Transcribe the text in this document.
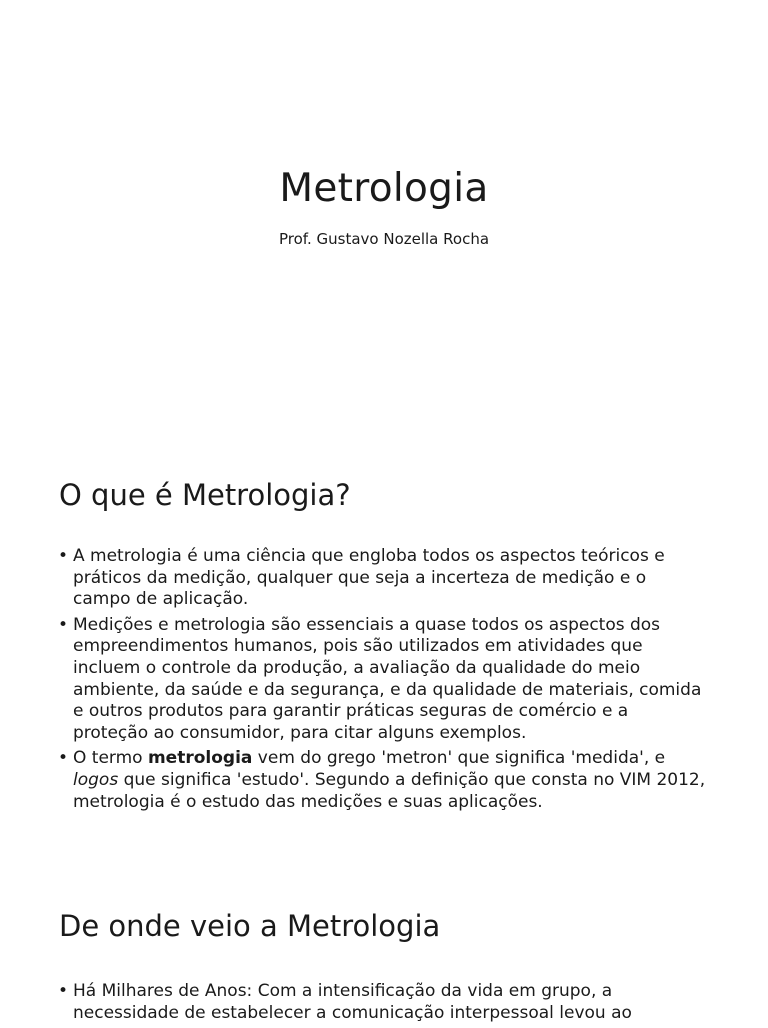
Metrologia

Prof. Gustavo Nozella Rocha

O que é Metrologia?
• A metrologia é uma ciência que engloba todos os aspectos teóricos e práticos da medição, qualquer que seja a incerteza de medição e o campo de aplicação.
• Medições e metrologia são essenciais a quase todos os aspectos dos empreendimentos humanos, pois são utilizados em atividades que incluem o controle da produção, a avaliação da qualidade do meio ambiente, da saúde e da segurança, e da qualidade de materiais, comida e outros produtos para garantir práticas seguras de comércio e a proteção ao consumidor, para citar alguns exemplos.
• O termo metrologia vem do grego 'metron' que significa 'medida', e logos que significa 'estudo'. Segundo a definição que consta no VIM 2012, metrologia é o estudo das medições e suas aplicações.
De onde veio a Metrologia
• Há Milhares de Anos: Com a intensificação da vida em grupo, a necessidade de estabelecer a comunicação interpessoal levou ao
